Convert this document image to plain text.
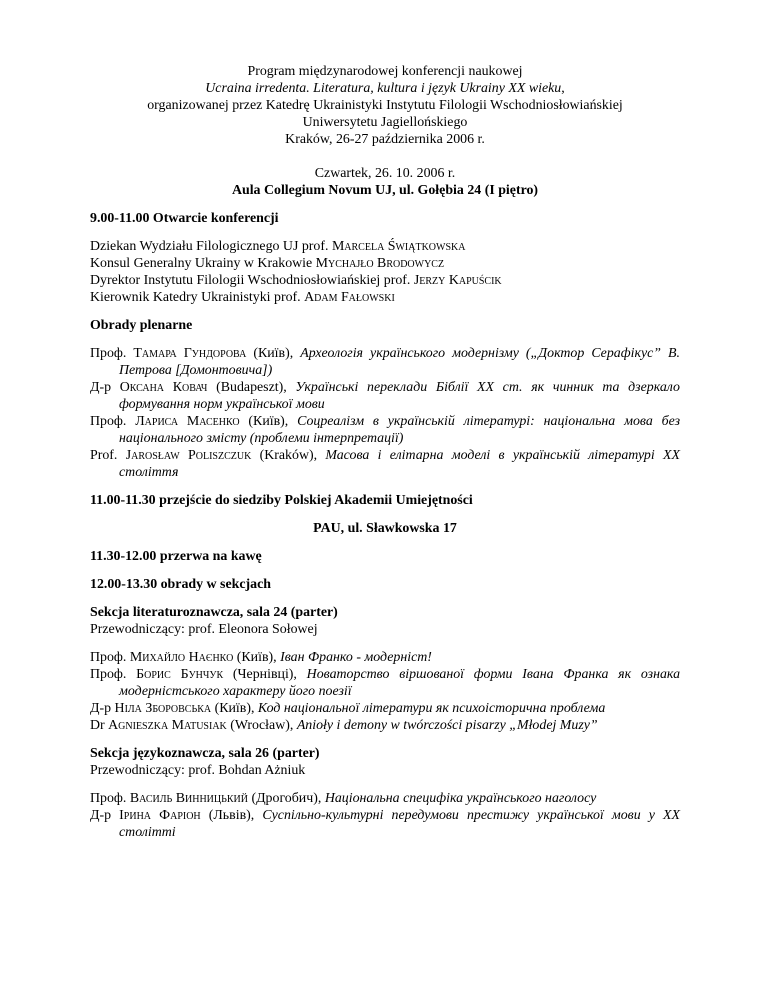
Program międzynarodowej konferencji naukowej

Ucraina irredenta. Literatura, kultura i język Ukrainy XX wieku,

organizowanej przez Katedrę Ukrainistyki Instytutu Filologii Wschodniosłowiańskiej

Uniwersytetu Jagiellońskiego

Kraków, 26-27 października 2006 r.

Czwartek, 26. 10. 2006 r.

Aula Collegium Novum UJ, ul. Gołębia 24 (I piętro)

9.00-11.00 Otwarcie konferencji

Dziekan Wydziału Filologicznego UJ prof. Marcela Świątkowska

Konsul Generalny Ukrainy w Krakowie Mychajło Brodowycz

Dyrektor Instytutu Filologii Wschodniosłowiańskiej prof. Jerzy Kapuścik

Kierownik Katedry Ukrainistyki prof. Adam Fałowski

Obrady plenarne

Проф. Тамара Гундорова (Київ), Археологія українського модернізму („Доктор Серафікус” В. Петрова [Домонтовича])

Д-р Оксана Ковач (Budapeszt), Українські переклади Біблії ХХ ст. як чинник та дзеркало формування норм української мови

Проф. Лариса Масенко (Київ), Соцреалізм в українській літературі: національна мова без національного змісту (проблеми інтерпретації)

Prof. Jarosław Poliszczuk (Kraków), Масова і елітарна моделі в українській літературі ХХ століття

11.00-11.30 przejście do siedziby Polskiej Akademii Umiejętności

PAU, ul. Sławkowska 17

11.30-12.00 przerwa na kawę

12.00-13.30 obrady w sekcjach

Sekcja literaturoznawcza, sala 24 (parter)

Przewodniczący: prof. Eleonora Sołowej

Проф. Михайло Наєнко (Київ), Іван Франко - модерніст!

Проф. Борис Бунчук (Чернівці), Новаторство віршованої форми Івана Франка як ознака модерністського характеру його поезії

Д-р Ніла Зборовська (Київ), Код національної літератури як психоісторична проблема

Dr Agnieszka Matusiak (Wrocław), Anioły i demony w twórczości pisarzy „Młodej Muzy”

Sekcja językoznawcza, sala 26 (parter)

Przewodniczący: prof. Bohdan Ażniuk

Проф. Василь Винницький (Дрогобич), Національна специфіка українського наголосу

Д-р Ірина Фаріон (Львів), Суспільно-культурні передумови престижу української мови у ХХ столітті
